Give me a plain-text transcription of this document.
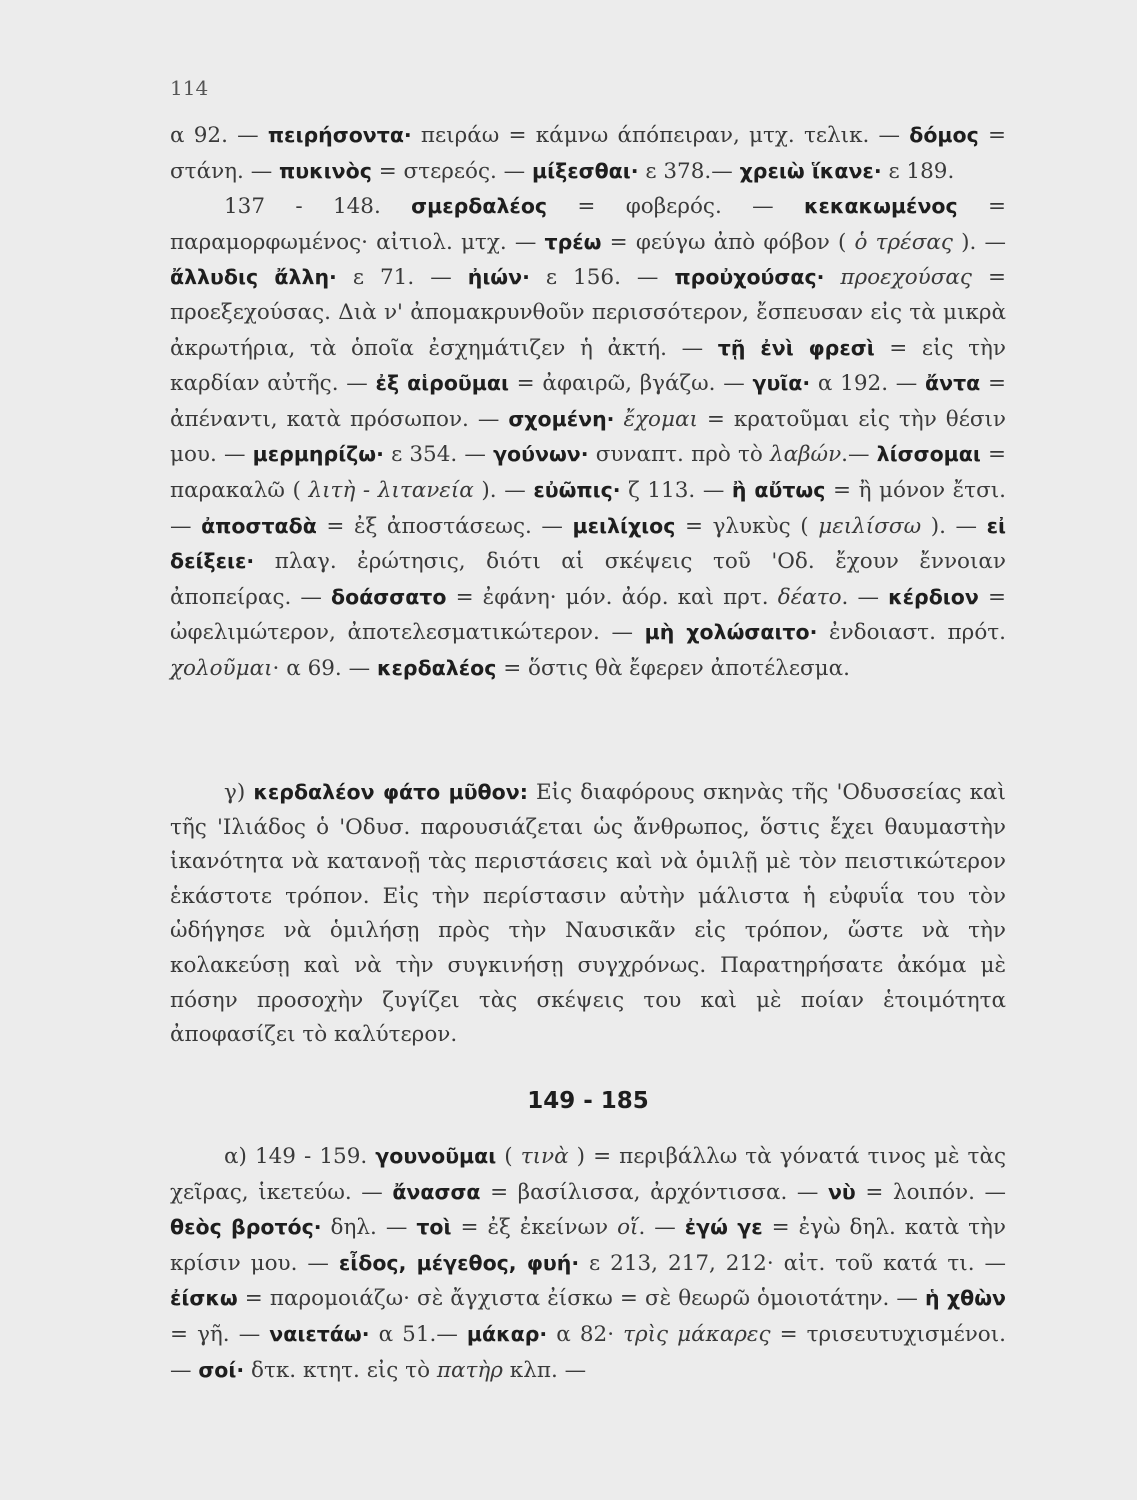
114

α 92. — πειρήσοντα· πειράω = κάμνω άπόπειραν, μτχ. τελικ. — δόμος = στάνη. — πυκινὸς = στερεός. — μίξεσθαι· ε 378.— χρειὼ ἵκανε· ε 189.

137 - 148. σμερδαλέος = φοβερός. — κεκακωμένος = παραμορφωμένος· αἰτιολ. μτχ. — τρέω = φεύγω ἀπὸ φόβον ( ὁ τρέσας ). — ἄλλυδις ἄλλη· ε 71. — ἠιών· ε 156. — προὐχούσας· προεχούσας = προεξεχούσας. Διὰ ν' ἀπομακρυνθοῦν περισσότερον, ἔσπευσαν εἰς τὰ μικρὰ ἀκρωτήρια, τὰ ὁποῖα ἐσχημάτιζεν ἡ ἀκτή. — τῇ ἐνὶ φρεσὶ = εἰς τὴν καρδίαν αὐτῆς. — ἐξ αἱροῦμαι = ἀφαιρῶ, βγάζω. — γυῖα· α 192. — ἄντα = ἀπέναντι, κατὰ πρόσωπον. — σχομένη· ἔχομαι = κρατοῦμαι εἰς τὴν θέσιν μου. — μερμηρίζω· ε 354. — γούνων· συναπτ. πρὸ τὸ λαβών.— λίσσομαι = παρακαλῶ ( λιτὴ - λιτανεία ). — εὐῶπις· ζ 113. — ἢ αὔτως = ἢ μόνον ἔτσι. — ἀποσταδὰ = ἐξ ἀποστάσεως. — μειλίχιος = γλυκὺς ( μειλίσσω ). — εἰ δείξειε· πλαγ. ἐρώτησις, διότι αἱ σκέψεις τοῦ 'Οδ. ἔχουν ἔννοιαν ἀποπείρας. — δοάσσατο = ἐφάνη· μόν. ἀόρ. καὶ πρτ. δέατο. — κέρδιον = ὠφελιμώτερον, ἀποτελεσματικώτερον. — μὴ χολώσαιτο· ἐνδοιαστ. πρότ. χολοῦμαι· α 69. — κερδαλέος = ὅστις θὰ ἔφερεν ἀποτέλεσμα.

γ) κερδαλέον φάτο μῦθον: Εἰς διαφόρους σκηνὰς τῆς 'Οδυσσείας καὶ τῆς 'Ιλιάδος ὁ 'Οδυσ. παρουσιάζεται ὡς ἄνθρωπος, ὅστις ἔχει θαυμαστὴν ἱκανότητα νὰ κατανοῇ τὰς περιστάσεις καὶ νὰ ὁμιλῇ μὲ τὸν πειστικώτερον ἑκάστοτε τρόπον. Εἰς τὴν περίστασιν αὐτὴν μάλιστα ἡ εὐφυΐα του τὸν ὡδήγησε νὰ ὁμιλήσῃ πρὸς τὴν Ναυσικᾶν εἰς τρόπον, ὥστε νὰ τὴν κολακεύσῃ καὶ νὰ τὴν συγκινήσῃ συγχρόνως. Παρατηρήσατε ἀκόμα μὲ πόσην προσοχὴν ζυγίζει τὰς σκέψεις του καὶ μὲ ποίαν ἑτοιμότητα ἀποφασίζει τὸ καλύτερον.

149 - 185

α) 149 - 159. γουνοῦμαι ( τινὰ ) = περιβάλλω τὰ γόνατά τινος μὲ τὰς χεῖρας, ἱκετεύω. — ἄνασσα = βασίλισσα, ἀρχόντισσα. — νὺ = λοιπόν. — θεὸς βροτός· δηλ. — τοὶ = ἐξ ἐκείνων οἵ. — ἐγώ γε = ἐγὼ δηλ. κατὰ τὴν κρίσιν μου. — εἶδος, μέγεθος, φυή· ε 213, 217, 212· αἰτ. τοῦ κατά τι. — ἐίσκω = παρομοιάζω· σὲ ἄγχιστα ἐίσκω = σὲ θεωρῶ ὁμοιοτάτην. — ἡ χθὼν = γῆ. — ναιετάω· α 51.— μάκαρ· α 82· τρὶς μάκαρες = τρισευτυχισμένοι. — σοί· δτκ. κτητ. εἰς τὸ πατὴρ κλπ. —
